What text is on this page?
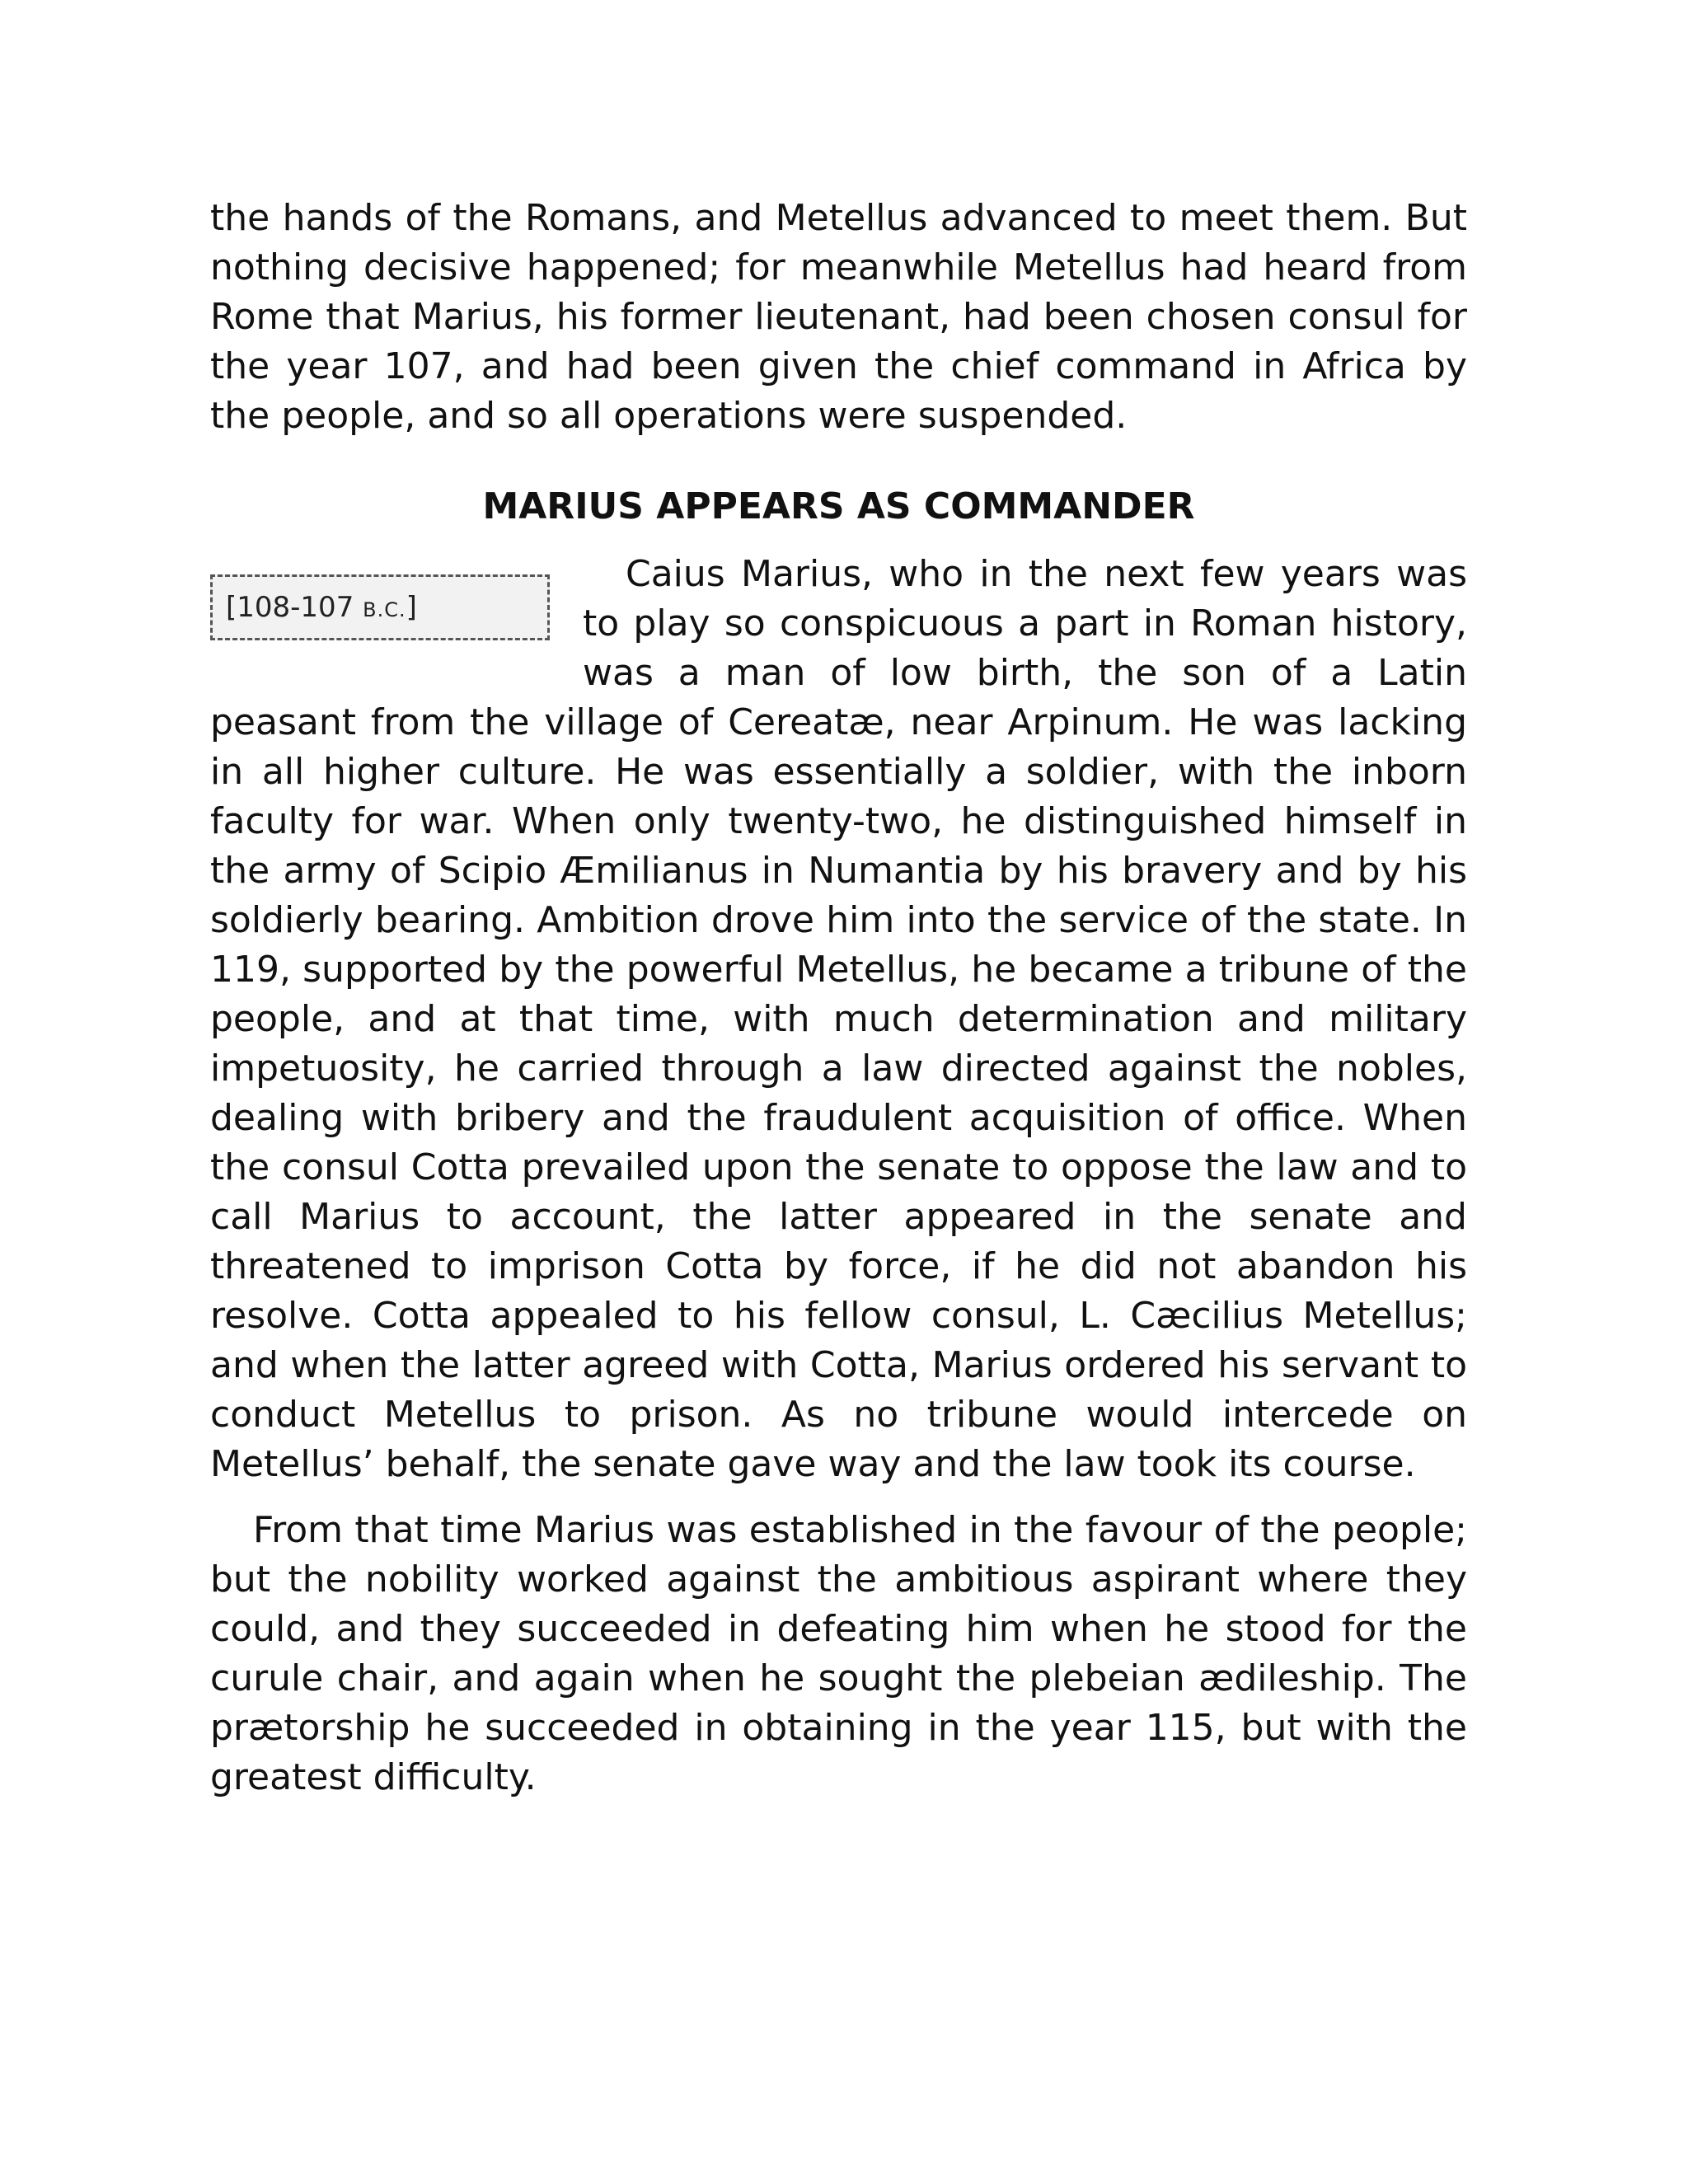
the hands of the Romans, and Metellus advanced to meet them. But nothing decisive happened; for meanwhile Metellus had heard from Rome that Marius, his former lieutenant, had been chosen consul for the year 107, and had been given the chief command in Africa by the people, and so all operations were suspended.

MARIUS APPEARS AS COMMANDER
[108-107 B.C.]

Caius Marius, who in the next few years was to play so conspicuous a part in Roman history, was a man of low birth, the son of a Latin peasant from the village of Cereatæ, near Arpinum. He was lacking in all higher culture. He was essentially a soldier, with the inborn faculty for war. When only twenty-two, he distinguished himself in the army of Scipio Æmilianus in Numantia by his bravery and by his soldierly bearing. Ambition drove him into the service of the state. In 119, supported by the powerful Metellus, he became a tribune of the people, and at that time, with much determination and military impetuosity, he carried through a law directed against the nobles, dealing with bribery and the fraudulent acquisition of office. When the consul Cotta prevailed upon the senate to oppose the law and to call Marius to account, the latter appeared in the senate and threatened to imprison Cotta by force, if he did not abandon his resolve. Cotta appealed to his fellow consul, L. Cæcilius Metellus; and when the latter agreed with Cotta, Marius ordered his servant to conduct Metellus to prison. As no tribune would intercede on Metellus’ behalf, the senate gave way and the law took its course.

From that time Marius was established in the favour of the people; but the nobility worked against the ambitious aspirant where they could, and they succeeded in defeating him when he stood for the curule chair, and again when he sought the plebeian ædileship. The prætorship he succeeded in obtaining in the year 115, but with the greatest difficulty.
